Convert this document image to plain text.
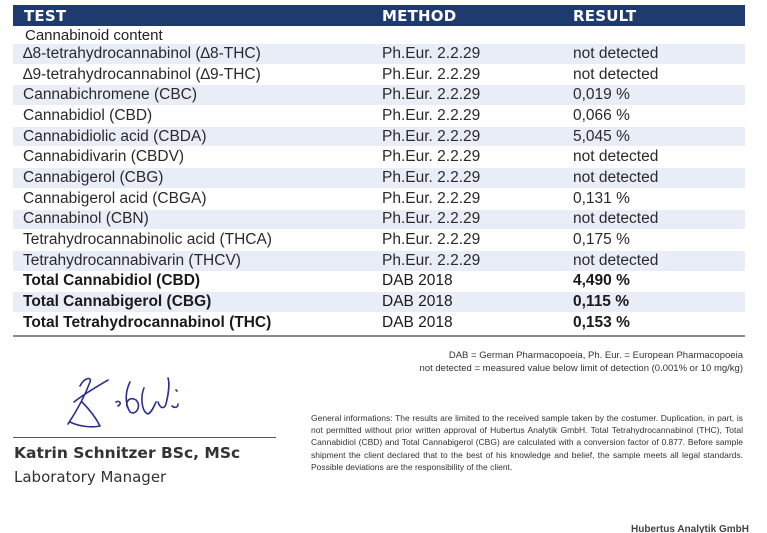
TEST	METHOD	RESULT
Cannabinoid content
∆8-tetrahydrocannabinol (∆8-THC)	Ph.Eur. 2.2.29	not detected
∆9-tetrahydrocannabinol (∆9-THC)	Ph.Eur. 2.2.29	not detected
Cannabichromene (CBC)	Ph.Eur. 2.2.29	0,019 %
Cannabidiol (CBD)	Ph.Eur. 2.2.29	0,066 %
Cannabidiolic acid (CBDA)	Ph.Eur. 2.2.29	5,045 %
Cannabidivarin (CBDV)	Ph.Eur. 2.2.29	not detected
Cannabigerol (CBG)	Ph.Eur. 2.2.29	not detected
Cannabigerol acid (CBGA)	Ph.Eur. 2.2.29	0,131 %
Cannabinol (CBN)	Ph.Eur. 2.2.29	not detected
Tetrahydrocannabinolic acid (THCA)	Ph.Eur. 2.2.29	0,175 %
Tetrahydrocannabivarin (THCV)	Ph.Eur. 2.2.29	not detected
Total Cannabidiol (CBD)	DAB 2018	4,490 %
Total Cannabigerol (CBG)	DAB 2018	0,115 %
Total Tetrahydrocannabinol (THC)	DAB 2018	0,153 %
DAB = German Pharmacopoeia, Ph. Eur. = European Pharmacopoeia
not detected = measured value below limit of detection (0.001% or 10 mg/kg)
Katrin Schnitzer BSc, MSc
Laboratory Manager
General informations: The results are limited to the received sample taken by the costumer. Duplication, in part, is not permitted without prior written approval of Hubertus Analytik GmbH. Total Tetrahydrocannabinol (THC), Total Cannabidiol (CBD) and Total Cannabigerol (CBG) are calculated with a conversion factor of 0.877. Before sample shipment the client declared that to the best of his knowledge and belief, the sample meets all legal standards. Possible deviations are the responsibility of the client.
Hubertus Analytik GmbH
